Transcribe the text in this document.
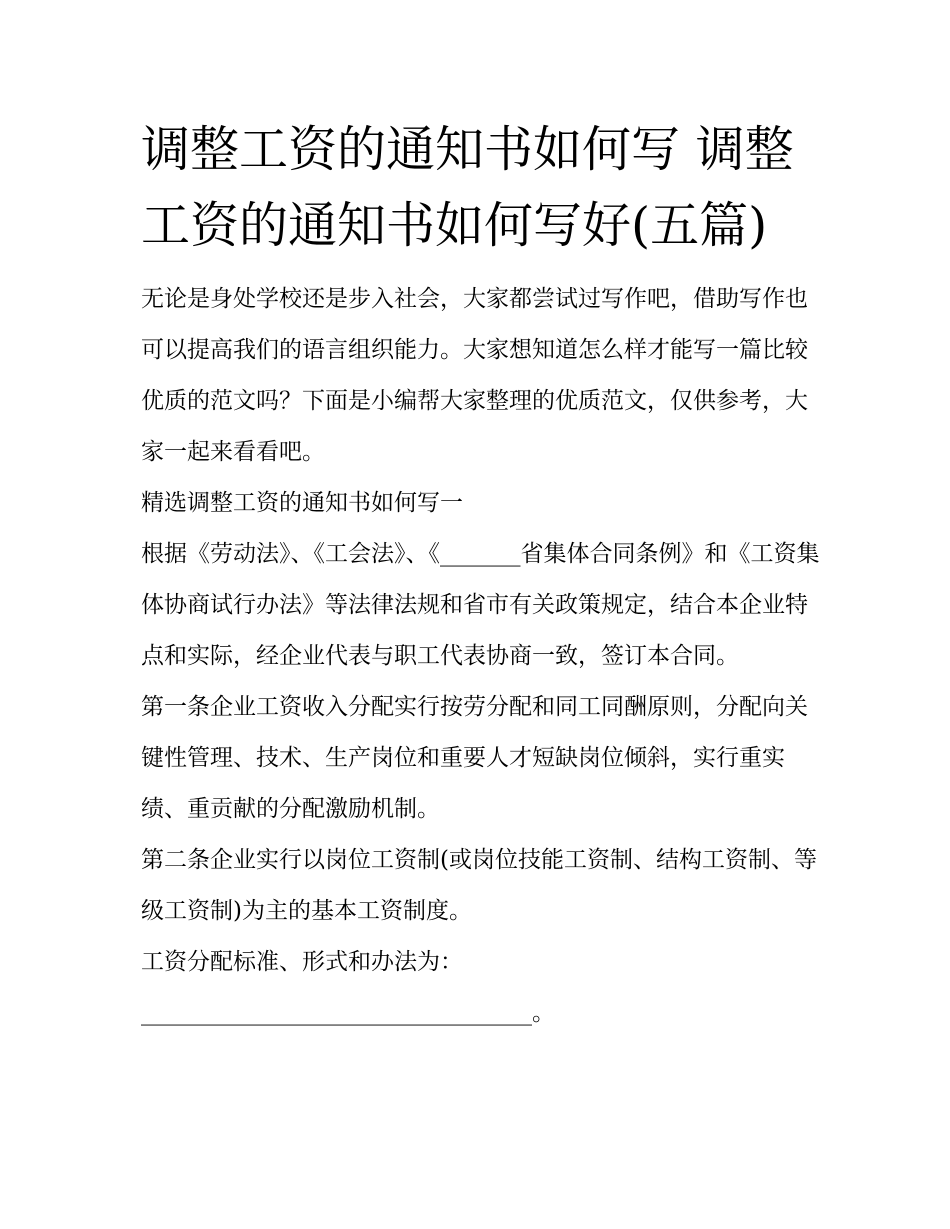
调整工资的通知书如何写 调整工资的通知书如何写好(五篇)

无论是身处学校还是步入社会，大家都尝试过写作吧，借助写作也可以提高我们的语言组织能力。大家想知道怎么样才能写一篇比较优质的范文吗？下面是小编帮大家整理的优质范文，仅供参考，大家一起来看看吧。

精选调整工资的通知书如何写一

根据《劳动法》、《工会法》、《_______省集体合同条例》和《工资集体协商试行办法》等法律法规和省市有关政策规定，结合本企业特点和实际，经企业代表与职工代表协商一致，签订本合同。

第一条企业工资收入分配实行按劳分配和同工同酬原则，分配向关键性管理、技术、生产岗位和重要人才短缺岗位倾斜，实行重实绩、重贡献的分配激励机制。

第二条企业实行以岗位工资制(或岗位技能工资制、结构工资制、等级工资制)为主的基本工资制度。

工资分配标准、形式和办法为：

__________________________________。
